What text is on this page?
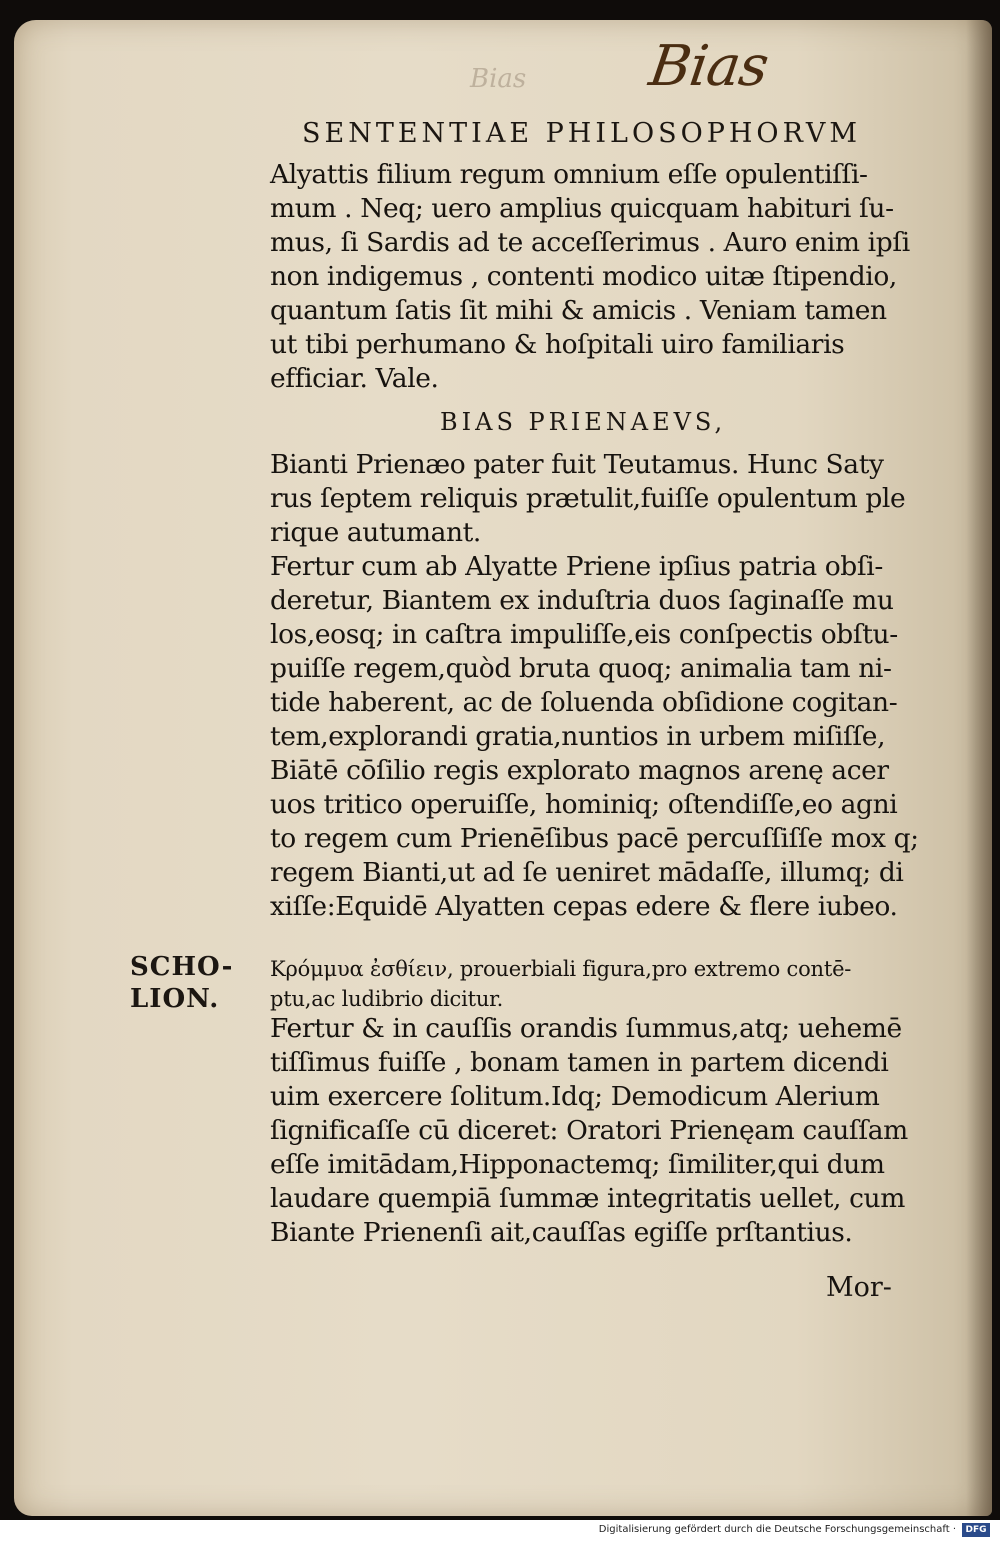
Bias Bias
SENTENTIAE PHILOSOPHORVM
Alyattis filium regum omnium eſſe opulentiſſi-
mum . Neq; uero amplius quicquam habituri ſu-
mus, ſi Sardis ad te acceſſerimus . Auro enim ipſi
non indigemus , contenti modico uitæ ſtipendio,
quantum ſatis ſit mihi & amicis . Veniam tamen
ut tibi perhumano & hoſpitali uiro familiaris
efficiar. Vale.
BIAS PRIENAEVS,
Bianti Prienæo pater fuit Teutamus. Hunc Saty
rus ſeptem reliquis prætulit,fuiſſe opulentum ple
rique autumant.
Fertur cum ab Alyatte Priene ipſius patria obſi-
deretur, Biantem ex induſtria duos ſaginaſſe mu
los,eosq; in caſtra impuliſſe,eis conſpectis obſtu-
puiſſe regem,quòd bruta quoq; animalia tam ni-
tide haberent, ac de ſoluenda obſidione cogitan-
tem,explorandi gratia,nuntios in urbem miſiſſe,
Biātē cōſilio regis explorato magnos arenę acer
uos tritico operuiſſe, hominiq; oſtendiſſe,eo agni
to regem cum Prienēſibus pacē percuſſiſſe mox q;
regem Bianti,ut ad ſe ueniret mādaſſe, illumq; di
xiſſe:Equidē Alyatten cepas edere & flere iubeo.
SCHO-
LION.
Κρόμμυα ἐσθίειν, prouerbiali figura,pro extremo contē-
ptu,ac ludibrio dicitur.
Fertur & in cauſſis orandis ſummus,atq; uehemē
tiſſimus fuiſſe , bonam tamen in partem dicendi
uim exercere ſolitum.Idq; Demodicum Alerium
ſignificaſſe cū diceret: Oratori Prienęam cauſſam
eſſe imitādam,Hipponactemq; ſimiliter,qui dum
laudare quempiā ſummæ integritatis uellet, cum
Biante Prienenſi ait,cauſſas egiſſe prſtantius.
Mor-
Digitalisierung gefördert durch die Deutsche Forschungsgemeinschaft ·	DFG
